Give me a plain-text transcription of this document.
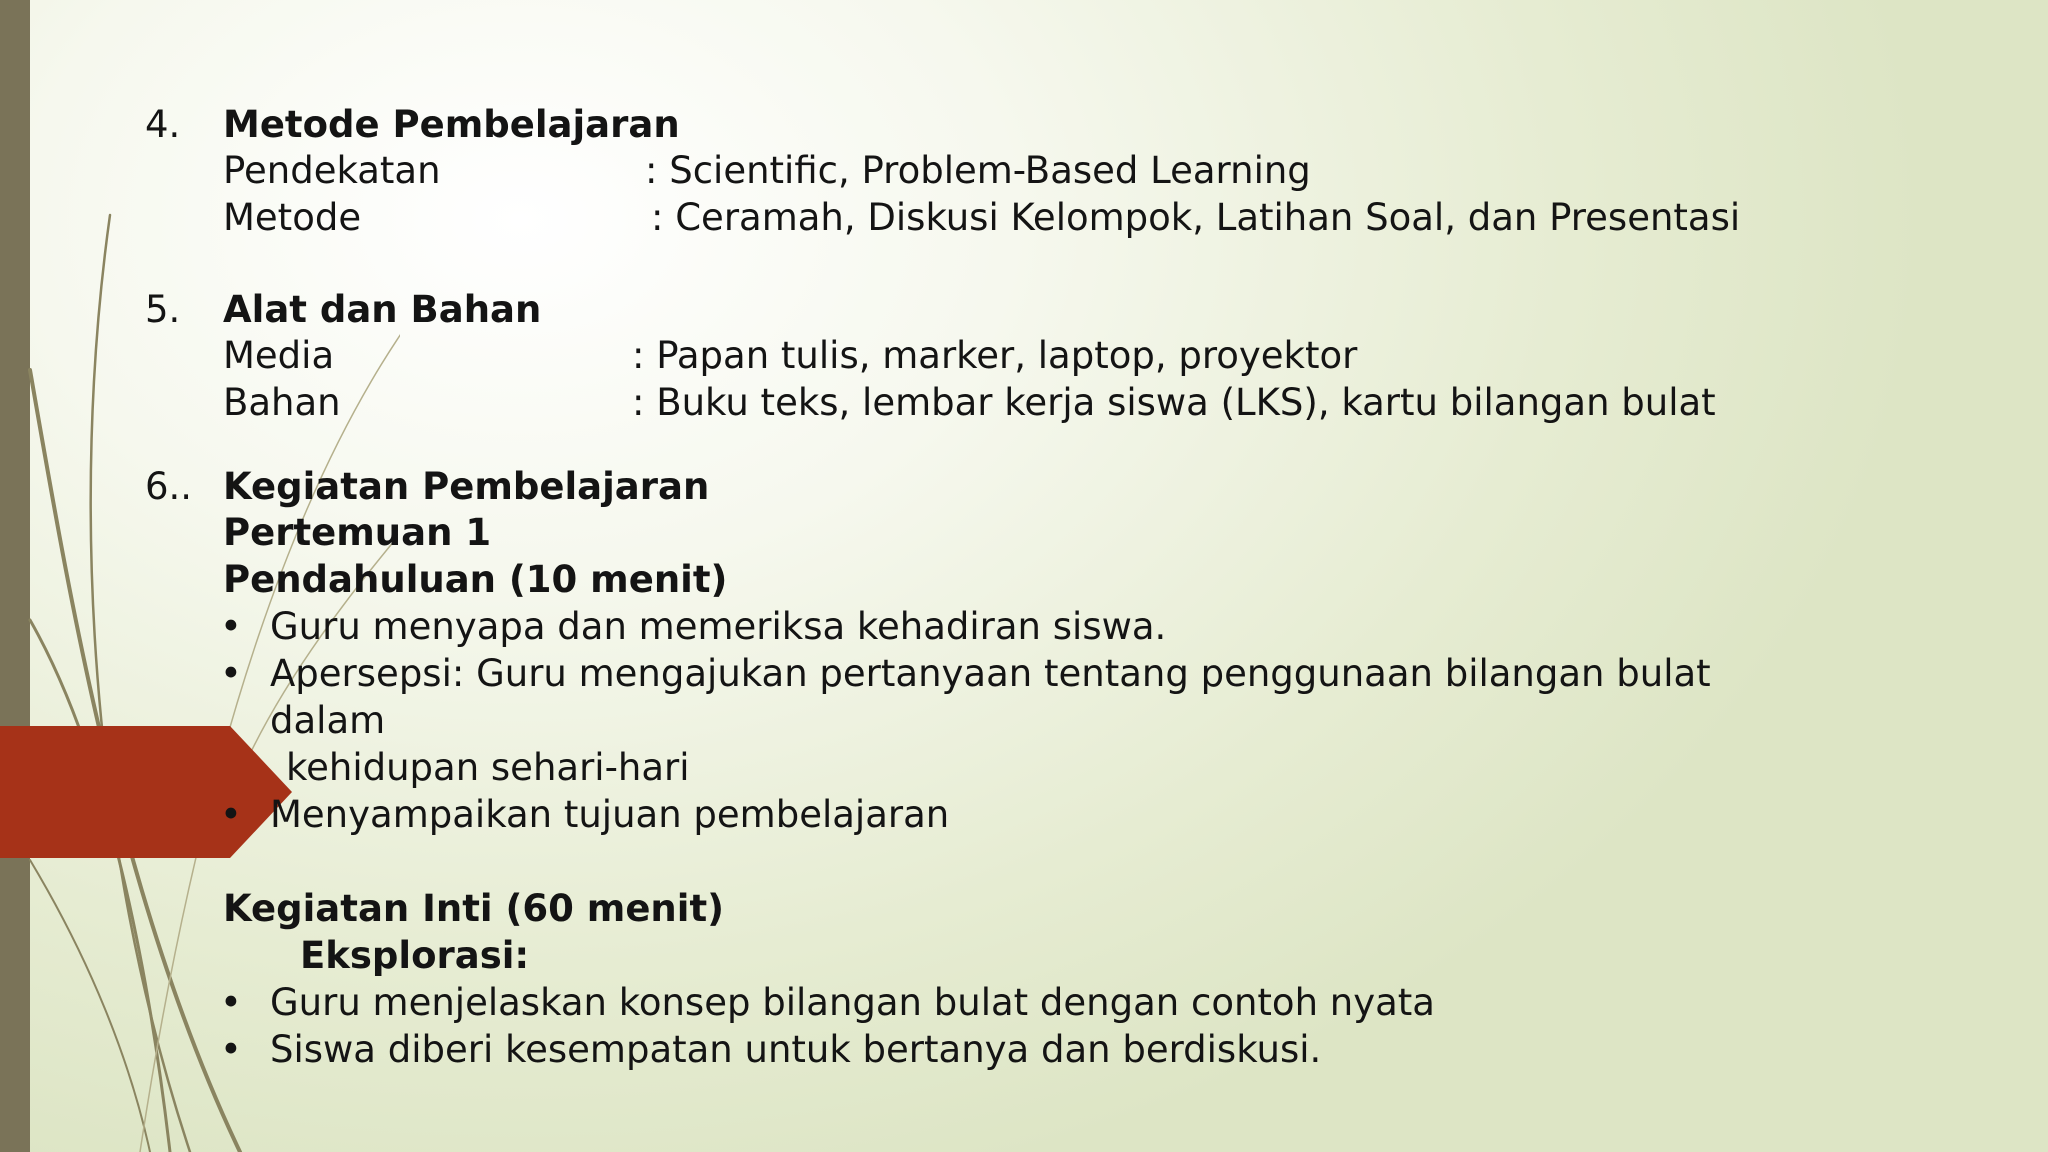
4. Metode Pembelajaran
Pendekatan	: Scientific, Problem-Based Learning
Metode	: Ceramah, Diskusi Kelompok, Latihan Soal, dan Presentasi
5. Alat dan Bahan
Media	: Papan tulis, marker, laptop, proyektor
Bahan	: Buku teks, lembar kerja siswa (LKS), kartu bilangan bulat
6.. Kegiatan Pembelajaran
Pertemuan 1
Pendahuluan (10 menit)
• Guru menyapa dan memeriksa kehadiran siswa.
• Apersepsi: Guru mengajukan pertanyaan tentang penggunaan bilangan bulat
dalam
kehidupan sehari-hari
• Menyampaikan tujuan pembelajaran
Kegiatan Inti (60 menit)
Eksplorasi:
• Guru menjelaskan konsep bilangan bulat dengan contoh nyata
• Siswa diberi kesempatan untuk bertanya dan berdiskusi.
